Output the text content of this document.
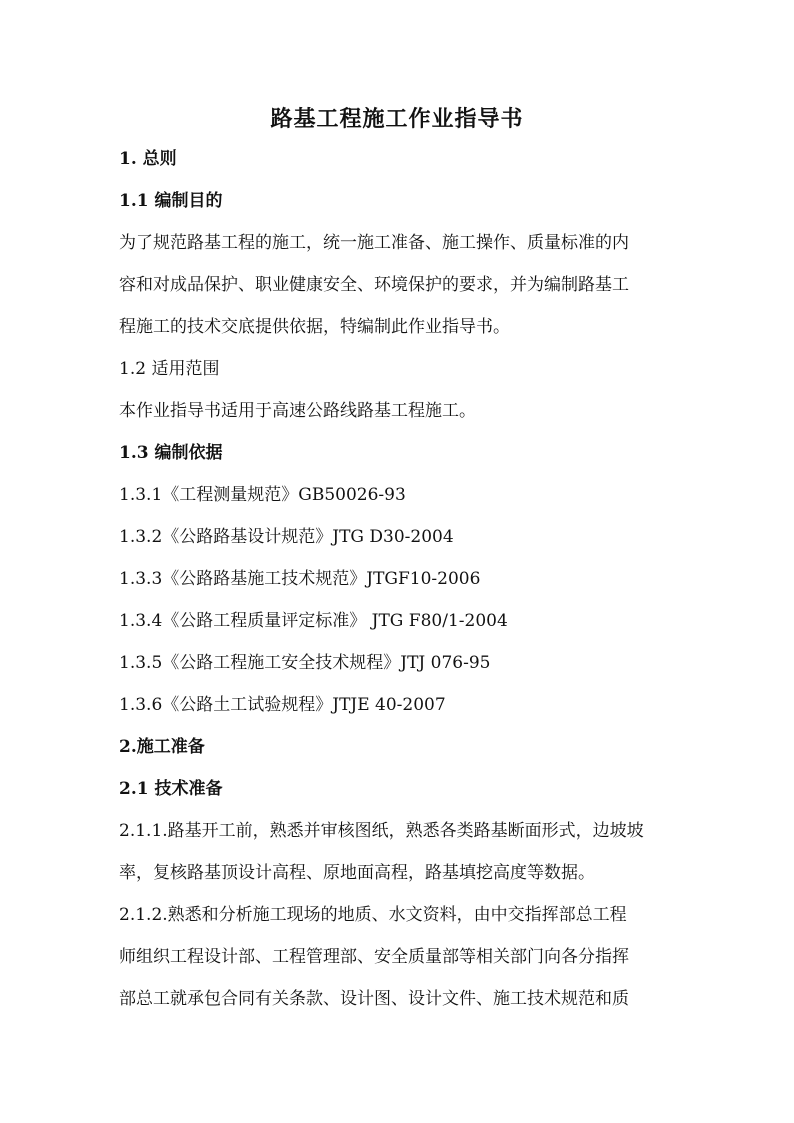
路基工程施工作业指导书
1. 总则
1.1 编制目的
为了规范路基工程的施工，统一施工准备、施工操作、质量标准的内
容和对成品保护、职业健康安全、环境保护的要求，并为编制路基工
程施工的技术交底提供依据，特编制此作业指导书。
1.2 适用范围
本作业指导书适用于高速公路线路基工程施工。
1.3 编制依据
1.3.1《工程测量规范》GB50026-93
1.3.2《公路路基设计规范》JTG D30-2004
1.3.3《公路路基施工技术规范》JTGF10-2006
1.3.4《公路工程质量评定标准》 JTG F80/1-2004
1.3.5《公路工程施工安全技术规程》JTJ 076-95
1.3.6《公路土工试验规程》JTJE 40-2007
2.施工准备
2.1 技术准备
2.1.1.路基开工前，熟悉并审核图纸，熟悉各类路基断面形式，边坡坡
率，复核路基顶设计高程、原地面高程，路基填挖高度等数据。
2.1.2.熟悉和分析施工现场的地质、水文资料，由中交指挥部总工程
师组织工程设计部、工程管理部、安全质量部等相关部门向各分指挥
部总工就承包合同有关条款、设计图、设计文件、施工技术规范和质
